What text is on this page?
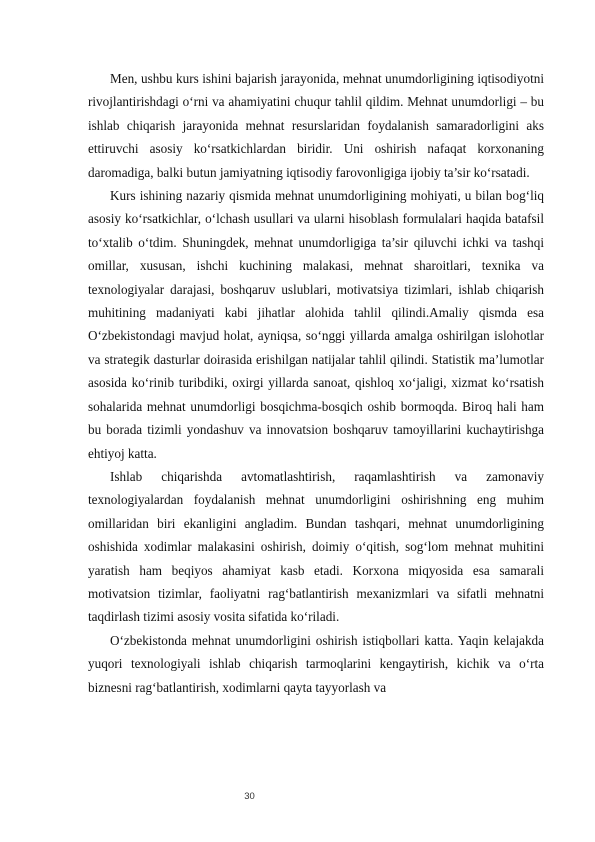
Men, ushbu kurs ishini bajarish jarayonida, mehnat unumdorligining iqtisodiyotni rivojlantirishdagi o‘rni va ahamiyatini chuqur tahlil qildim. Mehnat unumdorligi – bu ishlab chiqarish jarayonida mehnat resurslaridan foydalanish samaradorligini aks ettiruvchi asosiy ko‘rsatkichlardan biridir. Uni oshirish nafaqat korxonaning daromadiga, balki butun jamiyatning iqtisodiy farovonligiga ijobiy ta’sir ko‘rsatadi.

Kurs ishining nazariy qismida mehnat unumdorligining mohiyati, u bilan bog‘liq asosiy ko‘rsatkichlar, o‘lchash usullari va ularni hisoblash formulalari haqida batafsil to‘xtalib o‘tdim. Shuningdek, mehnat unumdorligiga ta’sir qiluvchi ichki va tashqi omillar, xususan, ishchi kuchining malakasi, mehnat sharoitlari, texnika va texnologiyalar darajasi, boshqaruv uslublari, motivatsiya tizimlari, ishlab chiqarish muhitining madaniyati kabi jihatlar alohida tahlil qilindi.Amaliy qismda esa O‘zbekistondagi mavjud holat, ayniqsa, so‘nggi yillarda amalga oshirilgan islohotlar va strategik dasturlar doirasida erishilgan natijalar tahlil qilindi. Statistik ma’lumotlar asosida ko‘rinib turibdiki, oxirgi yillarda sanoat, qishloq xo‘jaligi, xizmat ko‘rsatish sohalarida mehnat unumdorligi bosqichma-bosqich oshib bormoqda. Biroq hali ham bu borada tizimli yondashuv va innovatsion boshqaruv tamoyillarini kuchaytirishga ehtiyoj katta.

Ishlab chiqarishda avtomatlashtirish, raqamlashtirish va zamonaviy texnologiyalardan foydalanish mehnat unumdorligini oshirishning eng muhim omillaridan biri ekanligini angladim. Bundan tashqari, mehnat unumdorligining oshishida xodimlar malakasini oshirish, doimiy o‘qitish, sog‘lom mehnat muhitini yaratish ham beqiyos ahamiyat kasb etadi. Korxona miqyosida esa samarali motivatsion tizimlar, faoliyatni rag‘batlantirish mexanizmlari va sifatli mehnatni taqdirlash tizimi asosiy vosita sifatida ko‘riladi.

O‘zbekistonda mehnat unumdorligini oshirish istiqbollari katta. Yaqin kelajakda yuqori texnologiyali ishlab chiqarish tarmoqlarini kengaytirish, kichik va o‘rta biznesni rag‘batlantirish, xodimlarni qayta tayyorlash va

30
